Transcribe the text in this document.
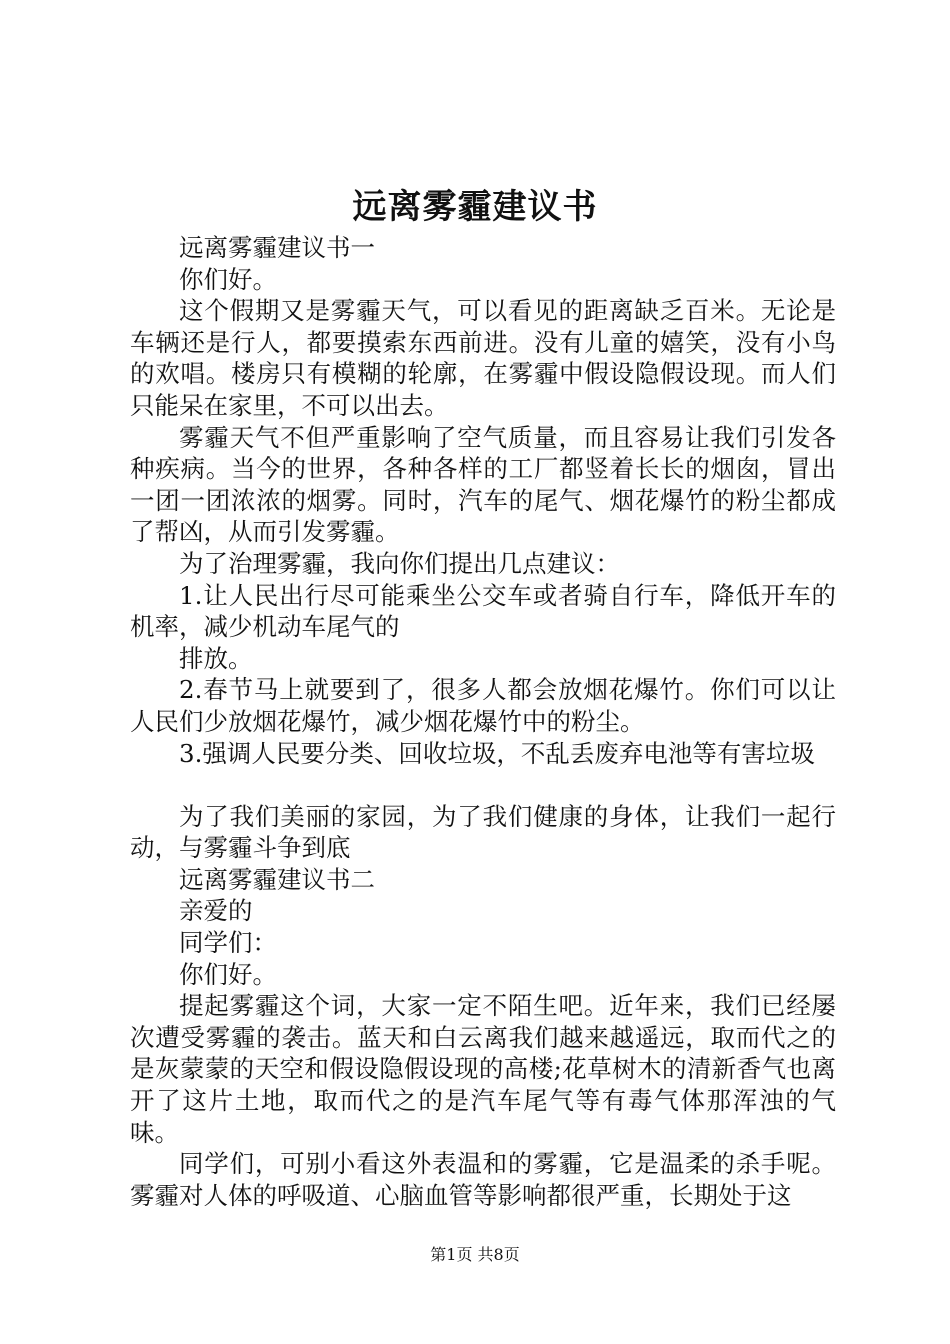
远离雾霾建议书

远离雾霾建议书一

你们好。

这个假期又是雾霾天气，可以看见的距离缺乏百米。无论是车辆还是行人，都要摸索东西前进。没有儿童的嬉笑，没有小鸟的欢唱。楼房只有模糊的轮廓，在雾霾中假设隐假设现。而人们只能呆在家里，不可以出去。

雾霾天气不但严重影响了空气质量，而且容易让我们引发各种疾病。当今的世界，各种各样的工厂都竖着长长的烟囱，冒出一团一团浓浓的烟雾。同时，汽车的尾气、烟花爆竹的粉尘都成了帮凶，从而引发雾霾。

为了治理雾霾，我向你们提出几点建议：

1.让人民出行尽可能乘坐公交车或者骑自行车，降低开车的机率，减少机动车尾气的

排放。

2.春节马上就要到了，很多人都会放烟花爆竹。你们可以让人民们少放烟花爆竹，减少烟花爆竹中的粉尘。

3.强调人民要分类、回收垃圾，不乱丢废弃电池等有害垃圾

为了我们美丽的家园，为了我们健康的身体，让我们一起行动，与雾霾斗争到底

远离雾霾建议书二

亲爱的

同学们：

你们好。

提起雾霾这个词，大家一定不陌生吧。近年来，我们已经屡次遭受雾霾的袭击。蓝天和白云离我们越来越遥远，取而代之的是灰蒙蒙的天空和假设隐假设现的高楼;花草树木的清新香气也离开了这片土地，取而代之的是汽车尾气等有毒气体那浑浊的气味。

同学们，可别小看这外表温和的雾霾，它是温柔的杀手呢。雾霾对人体的呼吸道、心脑血管等影响都很严重，长期处于这

第1页 共8页
